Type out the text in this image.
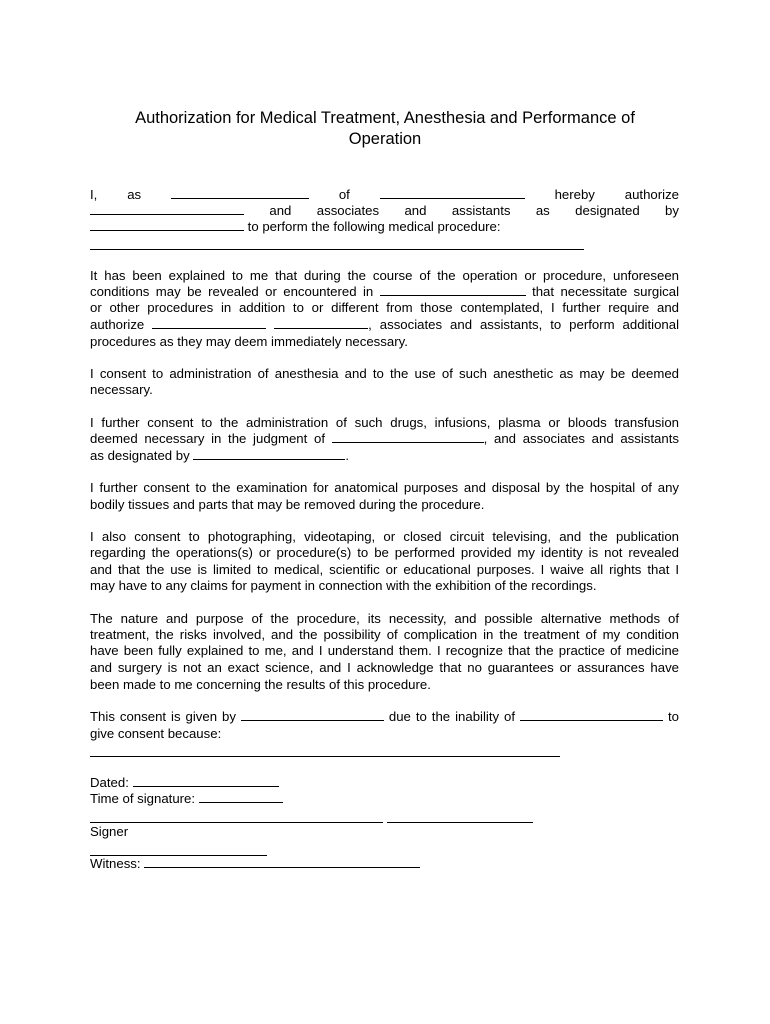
Authorization for Medical Treatment, Anesthesia and Performance of
Operation
I, as	of	hereby authorize
and associates and assistants as designated by
to perform the following medical procedure:
It has been explained to me that during the course of the operation or procedure, unforeseen
conditions may be revealed or encountered in	that necessitate surgical
or other procedures in addition to or different from those contemplated, I further require and
authorize	, associates and assistants, to perform additional
procedures as they may deem immediately necessary.
I consent to administration of anesthesia and to the use of such anesthetic as may be deemed
necessary.
I further consent to the administration of such drugs, infusions, plasma or bloods transfusion
deemed necessary in the judgment of	, and associates and assistants
as designated by	.
I further consent to the examination for anatomical purposes and disposal by the hospital of any
bodily tissues and parts that may be removed during the procedure.
I also consent to photographing, videotaping, or closed circuit televising, and the publication
regarding the operations(s) or procedure(s) to be performed provided my identity is not revealed
and that the use is limited to medical, scientific or educational purposes. I waive all rights that I
may have to any claims for payment in connection with the exhibition of the recordings.
The nature and purpose of the procedure, its necessity, and possible alternative methods of
treatment, the risks involved, and the possibility of complication in the treatment of my condition
have been fully explained to me, and I understand them. I recognize that the practice of medicine
and surgery is not an exact science, and I acknowledge that no guarantees or assurances have
been made to me concerning the results of this procedure.
This consent is given by	due to the inability of	to
give consent because:
Dated:
Time of signature:
Signer
Witness:
